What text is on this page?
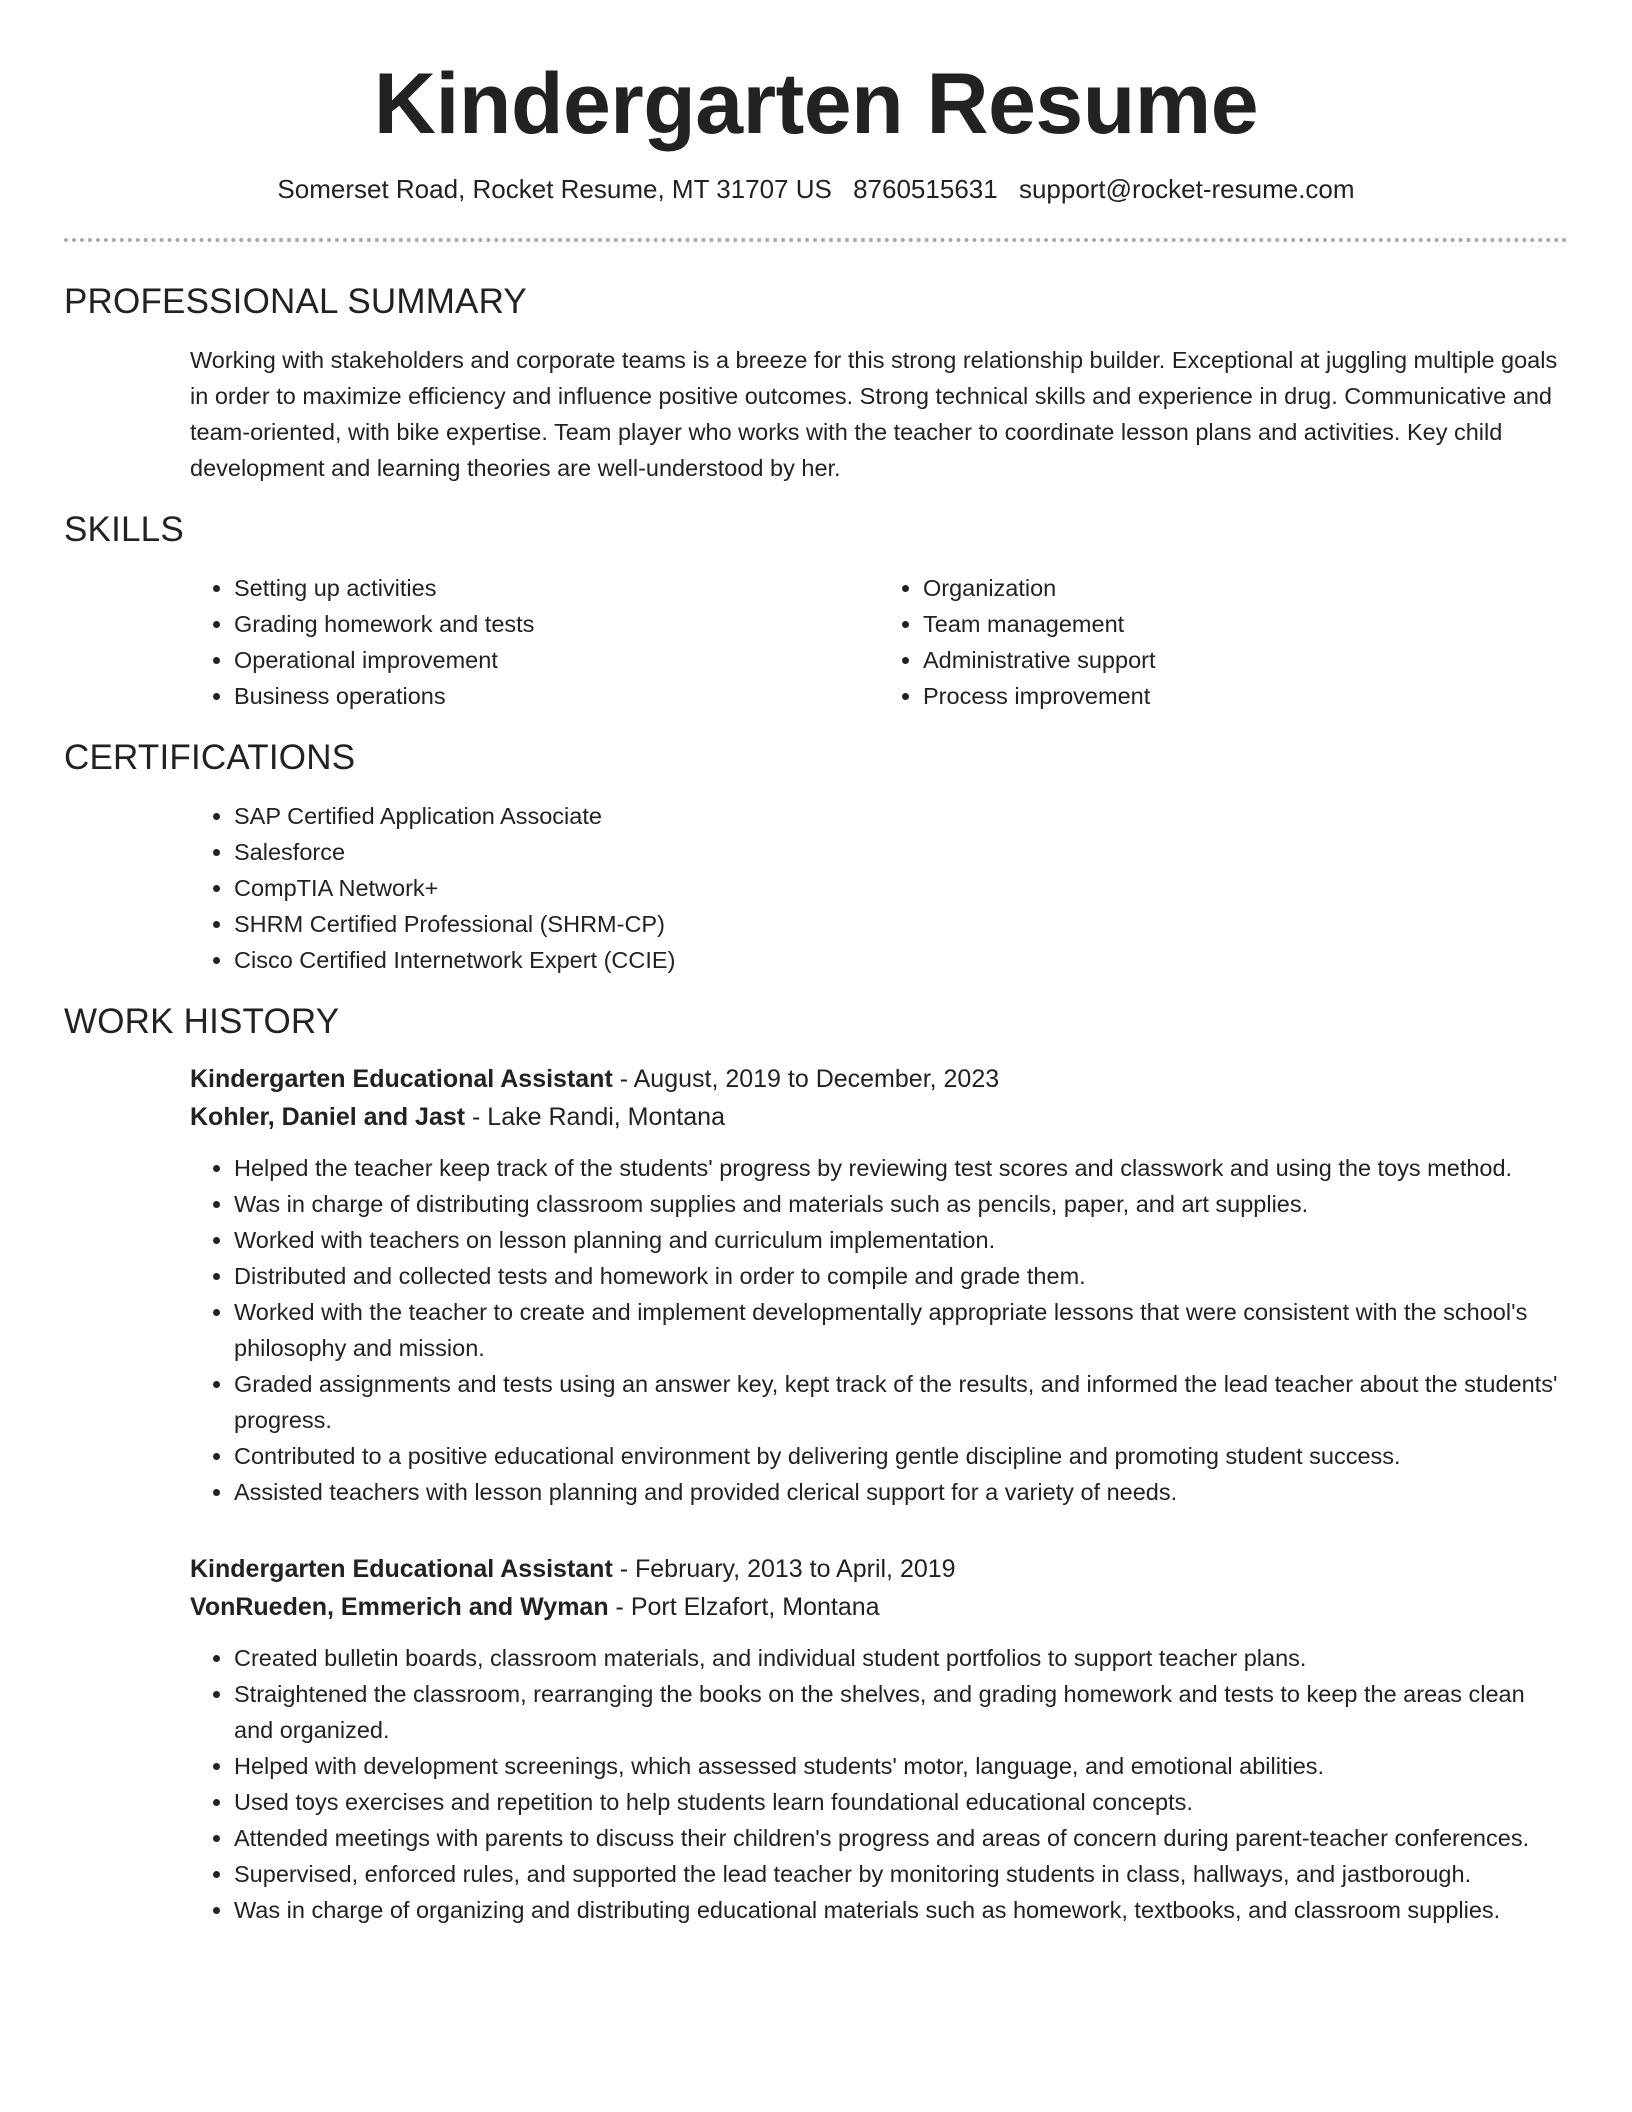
Kindergarten Resume
Somerset Road, Rocket Resume, MT 31707 US 8760515631 support@rocket-resume.com
PROFESSIONAL SUMMARY

Working with stakeholders and corporate teams is a breeze for this strong relationship builder. Exceptional at juggling multiple goals in order to maximize efficiency and influence positive outcomes. Strong technical skills and experience in drug. Communicative and team-oriented, with bike expertise. Team player who works with the teacher to coordinate lesson plans and activities. Key child development and learning theories are well-understood by her.

SKILLS
• Setting up activities
• Grading homework and tests
• Operational improvement
• Business operations
• Organization
• Team management
• Administrative support
• Process improvement
CERTIFICATIONS
• SAP Certified Application Associate
• Salesforce
• CompTIA Network+
• SHRM Certified Professional (SHRM-CP)
• Cisco Certified Internetwork Expert (CCIE)
WORK HISTORY
Kindergarten Educational Assistant - August, 2019 to December, 2023
Kohler, Daniel and Jast - Lake Randi, Montana
• Helped the teacher keep track of the students' progress by reviewing test scores and classwork and using the toys method.
• Was in charge of distributing classroom supplies and materials such as pencils, paper, and art supplies.
• Worked with teachers on lesson planning and curriculum implementation.
• Distributed and collected tests and homework in order to compile and grade them.
• Worked with the teacher to create and implement developmentally appropriate lessons that were consistent with the school's philosophy and mission.
• Graded assignments and tests using an answer key, kept track of the results, and informed the lead teacher about the students' progress.
• Contributed to a positive educational environment by delivering gentle discipline and promoting student success.
• Assisted teachers with lesson planning and provided clerical support for a variety of needs.
Kindergarten Educational Assistant - February, 2013 to April, 2019
VonRueden, Emmerich and Wyman - Port Elzafort, Montana
• Created bulletin boards, classroom materials, and individual student portfolios to support teacher plans.
• Straightened the classroom, rearranging the books on the shelves, and grading homework and tests to keep the areas clean and organized.
• Helped with development screenings, which assessed students' motor, language, and emotional abilities.
• Used toys exercises and repetition to help students learn foundational educational concepts.
• Attended meetings with parents to discuss their children's progress and areas of concern during parent-teacher conferences.
• Supervised, enforced rules, and supported the lead teacher by monitoring students in class, hallways, and jastborough.
• Was in charge of organizing and distributing educational materials such as homework, textbooks, and classroom supplies.
